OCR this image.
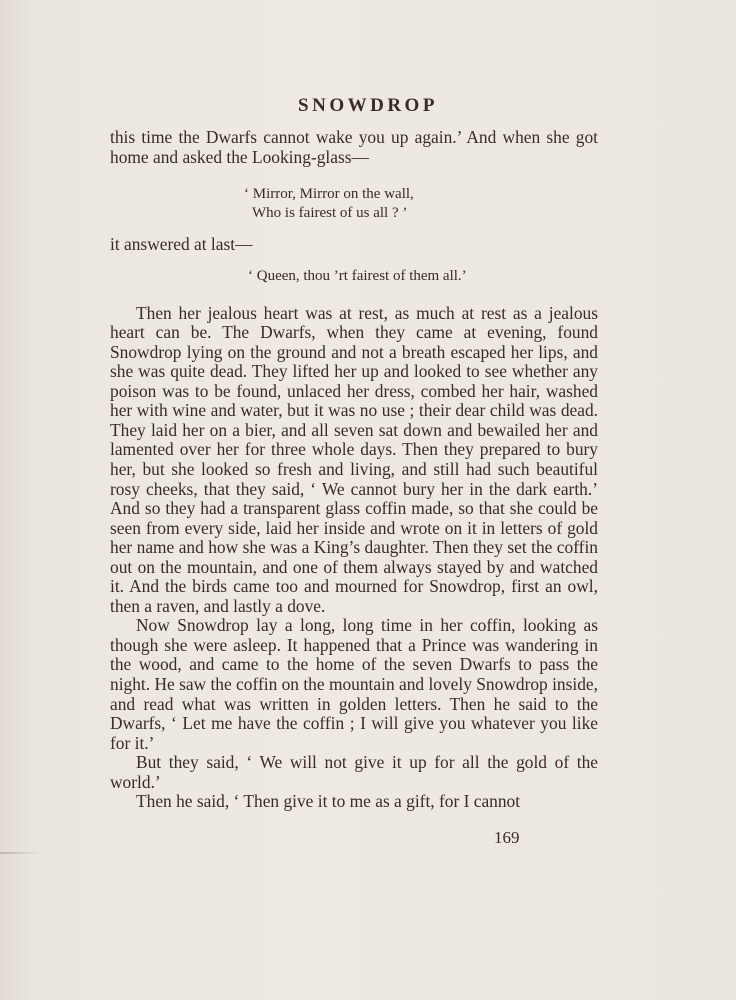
SNOWDROP

this time the Dwarfs cannot wake you up again.’ And when she got home and asked the Looking-glass—

‘ Mirror, Mirror on the wall,
Who is fairest of us all ? ’

it answered at last—

‘ Queen, thou ’rt fairest of them all.’

Then her jealous heart was at rest, as much at rest as a jealous heart can be. The Dwarfs, when they came at evening, found Snowdrop lying on the ground and not a breath escaped her lips, and she was quite dead. They lifted her up and looked to see whether any poison was to be found, unlaced her dress, combed her hair, washed her with wine and water, but it was no use ; their dear child was dead. They laid her on a bier, and all seven sat down and bewailed her and lamented over her for three whole days. Then they prepared to bury her, but she looked so fresh and living, and still had such beautiful rosy cheeks, that they said, ‘ We cannot bury her in the dark earth.’ And so they had a transparent glass coffin made, so that she could be seen from every side, laid her inside and wrote on it in letters of gold her name and how she was a King’s daughter. Then they set the coffin out on the mountain, and one of them always stayed by and watched it. And the birds came too and mourned for Snowdrop, first an owl, then a raven, and lastly a dove.

Now Snowdrop lay a long, long time in her coffin, looking as though she were asleep. It happened that a Prince was wandering in the wood, and came to the home of the seven Dwarfs to pass the night. He saw the coffin on the mountain and lovely Snowdrop inside, and read what was written in golden letters. Then he said to the Dwarfs, ‘ Let me have the coffin ; I will give you whatever you like for it.’

But they said, ‘ We will not give it up for all the gold of the world.’

Then he said, ‘ Then give it to me as a gift, for I cannot

169
